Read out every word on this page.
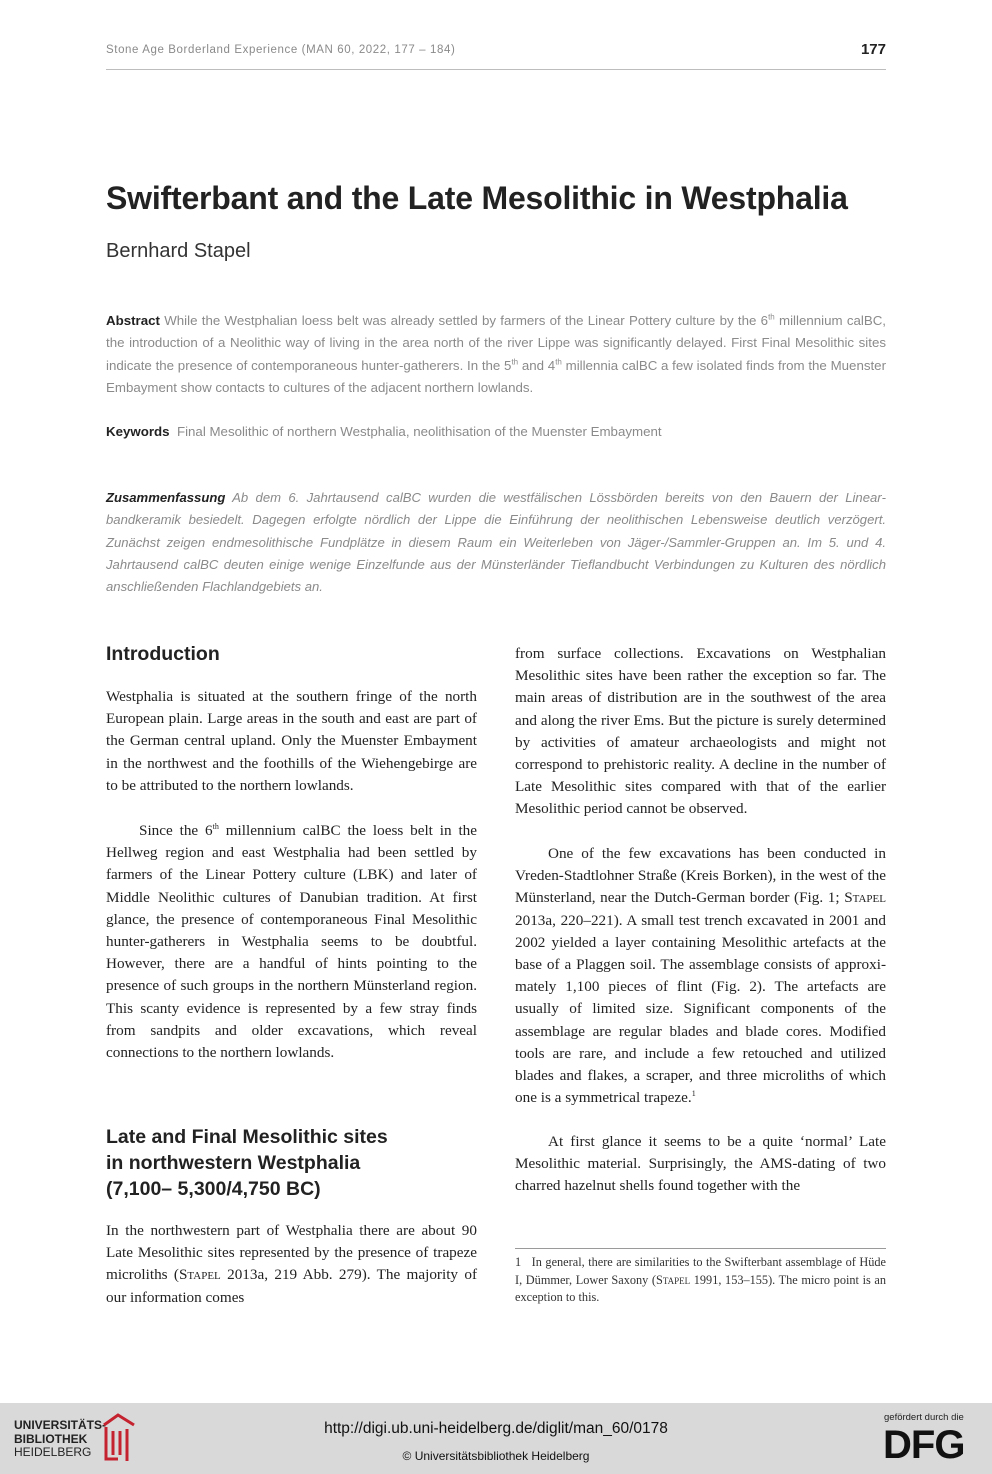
Stone Age Borderland Experience (MAN 60, 2022, 177 – 184)	177
Swifterbant and the Late Mesolithic in Westphalia
Bernhard Stapel
Abstract While the Westphalian loess belt was already settled by farmers of the Linear Pottery culture by the 6th millennium calBC, the introduction of a Neolithic way of living in the area north of the river Lippe was significantly delayed. First Final Mesolithic sites indicate the presence of contemporaneous hunter-gatherers. In the 5th and 4th millennia calBC a few isolated finds from the Muenster Embayment show contacts to cultures of the adjacent northern lowlands.
Keywords  Final Mesolithic of northern Westphalia, neolithisation of the Muenster Embayment
Zusammenfassung Ab dem 6. Jahrtausend calBC wurden die westfälischen Lössbörden bereits von den Bauern der Linearbandkeramik besiedelt. Dagegen erfolgte nördlich der Lippe die Einführung der neolithischen Lebensweise deutlich verzögert. Zunächst zeigen endmesolithische Fundplätze in diesem Raum ein Weiterleben von Jäger-/Sammler-Gruppen an. Im 5. und 4. Jahrtausend calBC deuten einige wenige Einzelfunde aus der Münsterländer Tieflandbucht Verbindungen zu Kulturen des nördlich anschließenden Flachlandgebiets an.
Introduction

Westphalia is situated at the southern fringe of the north European plain. Large areas in the south and east are part of the German central upland. Only the Muenster Embayment in the northwest and the foothills of the Wiehengebirge are to be attributed to the northern lowlands.

Since the 6th millennium calBC the loess belt in the Hellweg region and east Westphalia had been settled by farmers of the Linear Pottery culture (LBK) and later of Middle Neolithic cultures of Danubian tradition. At first glance, the presence of contemporaneous Final Mesolithic hunter-gatherers in Westphalia seems to be doubtful. However, there are a handful of hints pointing to the presence of such groups in the northern Münsterland region. This scanty evidence is represented by a few stray finds from sandpits and older excavations, which reveal connections to the northern lowlands.

Late and Final Mesolithic sites
in northwestern Westphalia
(7,100– 5,300/4,750 BC)

In the northwestern part of Westphalia there are about 90 Late Mesolithic sites represented by the presence of trapeze microliths (Stapel 2013a, 219 Abb. 279). The majority of our information comes

from surface collections. Excavations on Westphalian Mesolithic sites have been rather the exception so far. The main areas of distribution are in the southwest of the area and along the river Ems. But the picture is surely determined by activities of amateur archaeologists and might not correspond to prehistoric reality. A decline in the number of Late Mesolithic sites compared with that of the earlier Mesolithic period cannot be observed.

One of the few excavations has been conducted in Vreden-Stadtlohner Straße (Kreis Borken), in the west of the Münsterland, near the Dutch-German border (Fig. 1; Stapel 2013a, 220–221). A small test trench excavated in 2001 and 2002 yielded a layer containing Mesolithic artefacts at the base of a Plaggen soil. The assemblage consists of approximately 1,100 pieces of flint (Fig. 2). The artefacts are usually of limited size. Significant components of the assemblage are regular blades and blade cores. Modified tools are rare, and include a few retouched and utilized blades and flakes, a scraper, and three microliths of which one is a symmetrical trapeze.$^1$

At first glance it seems to be a quite ‘normal’ Late Mesolithic material. Surprisingly, the AMS-dating of two charred hazelnut shells found together with the

1   In general, there are similarities to the Swifterbant assemblage of Hüde I, Dümmer, Lower Saxony (Stapel 1991, 153–155). The micro point is an exception to this.
UNIVERSITÄTS-
BIBLIOTHEK
HEIDELBERG
http://digi.ub.uni-heidelberg.de/diglit/man_60/0178
© Universitätsbibliothek Heidelberg
gefördert durch die
DFG
